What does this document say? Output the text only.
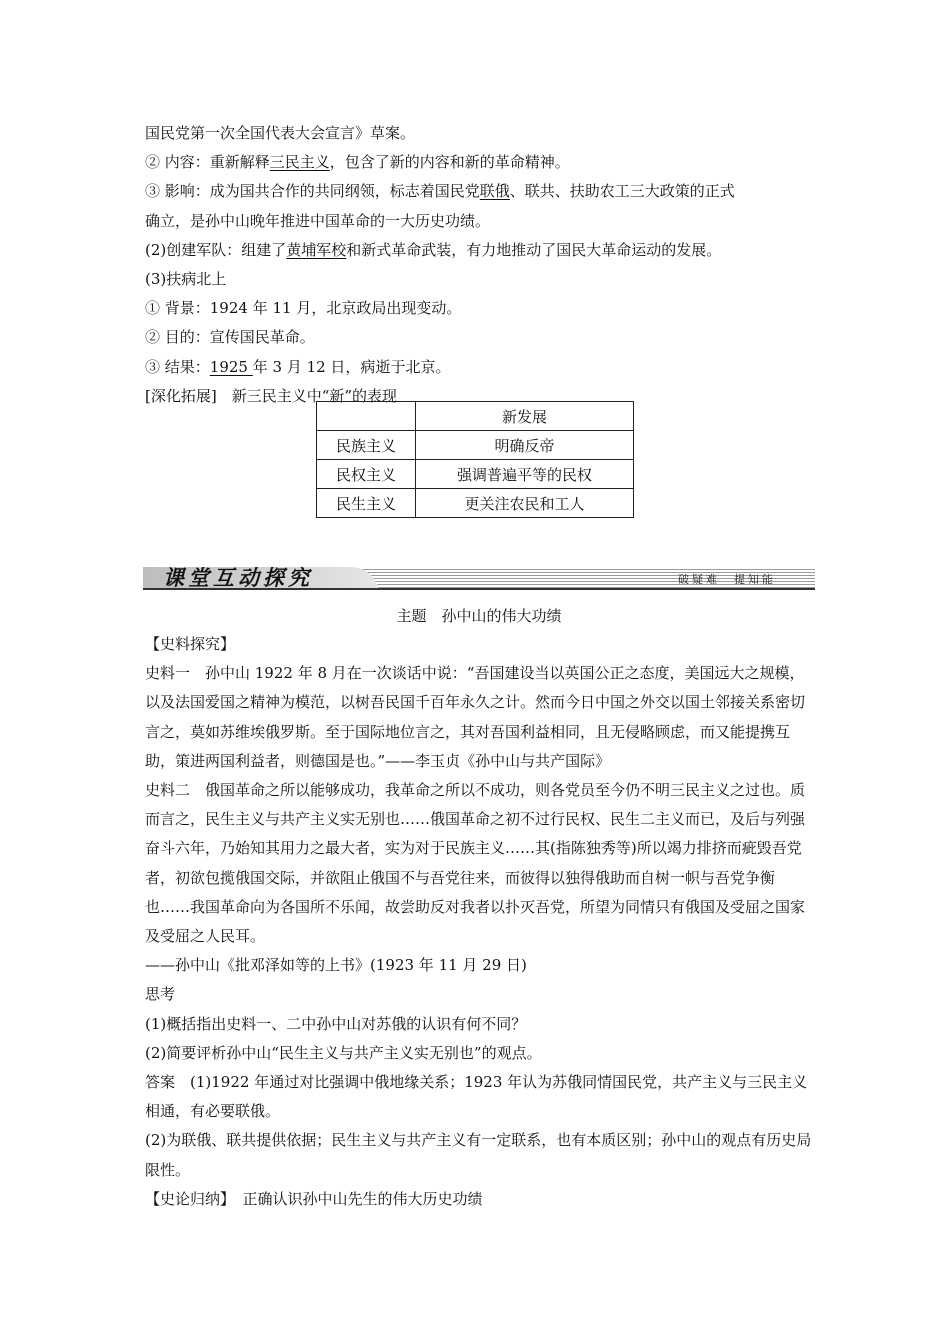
国民党第一次全国代表大会宣言》草案。
② 内容：重新解释三民主义，包含了新的内容和新的革命精神。
③ 影响：成为国共合作的共同纲领，标志着国民党联俄、联共、扶助农工三大政策的正式
确立，是孙中山晚年推进中国革命的一大历史功绩。
(2)创建军队：组建了黄埔军校和新式革命武装，有力地推动了国民大革命运动的发展。
(3)扶病北上
① 背景：1924 年 11 月，北京政局出现变动。
② 目的：宣传国民革命。
③ 结果：1925 年 3 月 12 日，病逝于北京。
[深化拓展]　新三民主义中“新”的表现
	新发展
民族主义	明确反帝
民权主义	强调普遍平等的民权
民生主义	更关注农民和工人
课堂互动探究	破疑难　提知能
主题　孙中山的伟大功绩
【史料探究】
史料一　孙中山 1922 年 8 月在一次谈话中说：“吾国建设当以英国公正之态度，美国远大之规模，以及法国爱国之精神为模范，以树吾民国千百年永久之计。然而今日中国之外交以国土邻接关系密切言之，莫如苏维埃俄罗斯。至于国际地位言之，其对吾国利益相同，且无侵略顾虑，而又能提携互助，策进两国利益者，则德国是也。”——李玉贞《孙中山与共产国际》
史料二　俄国革命之所以能够成功，我革命之所以不成功，则各党员至今仍不明三民主义之过也。质而言之，民生主义与共产主义实无别也……俄国革命之初不过行民权、民生二主义而已，及后与列强奋斗六年，乃始知其用力之最大者，实为对于民族主义……其(指陈独秀等)所以竭力排挤而疵毁吾党者，初欲包揽俄国交际，并欲阻止俄国不与吾党往来，而彼得以独得俄助而自树一帜与吾党争衡也……我国革命向为各国所不乐闻，故尝助反对我者以扑灭吾党，所望为同情只有俄国及受屈之国家及受屈之人民耳。
——孙中山《批邓泽如等的上书》(1923 年 11 月 29 日)
思考
(1)概括指出史料一、二中孙中山对苏俄的认识有何不同？
(2)简要评析孙中山“民生主义与共产主义实无别也”的观点。
答案　(1)1922 年通过对比强调中俄地缘关系；1923 年认为苏俄同情国民党，共产主义与三民主义相通，有必要联俄。
(2)为联俄、联共提供依据；民生主义与共产主义有一定联系，也有本质区别；孙中山的观点有历史局限性。
【史论归纳】　正确认识孙中山先生的伟大历史功绩
